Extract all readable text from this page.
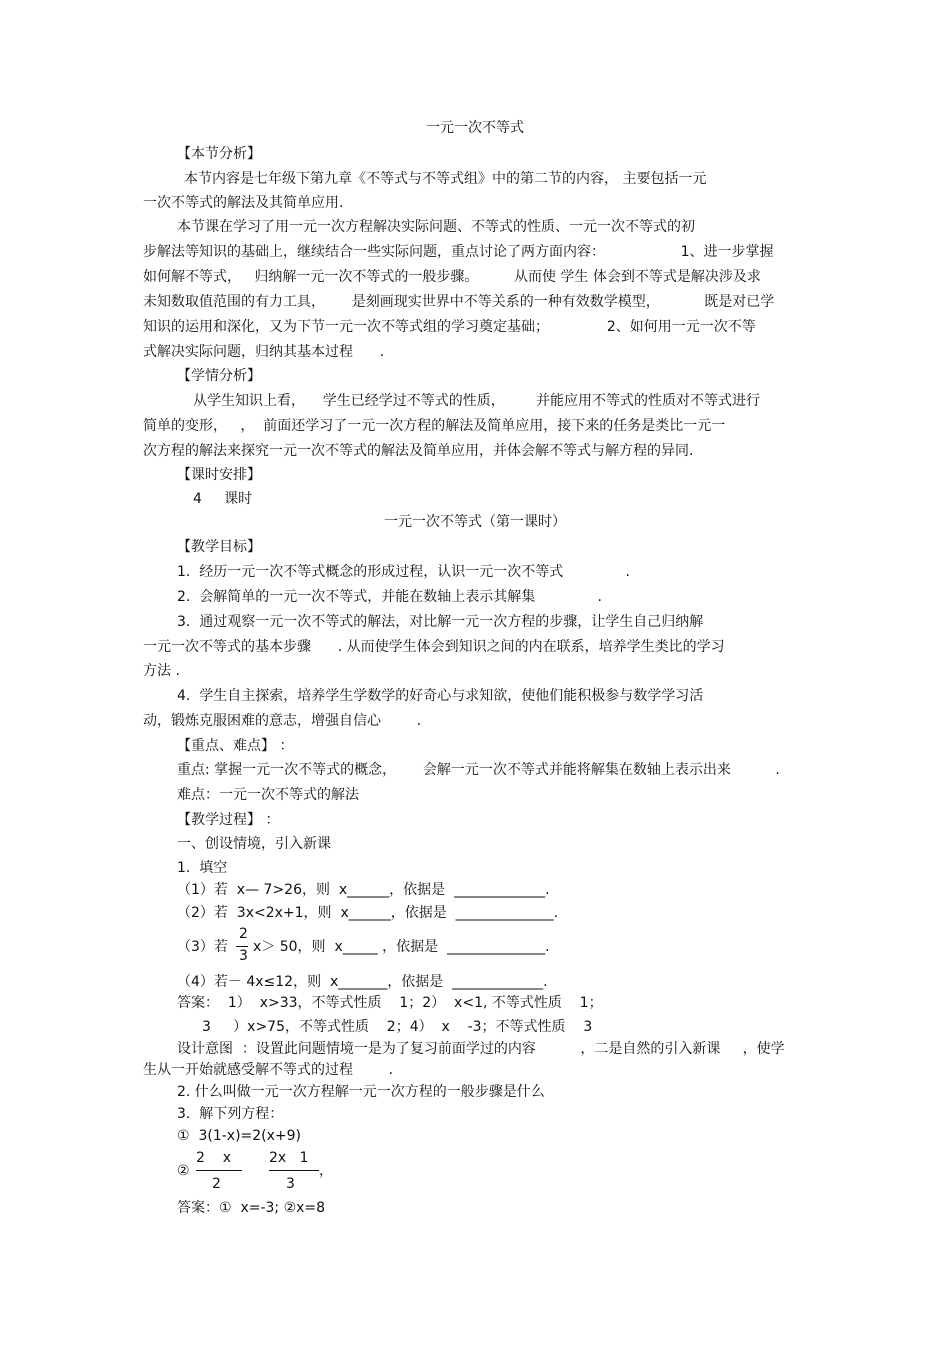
一元一次不等式
【本节分析】
本节内容是七年级下第九章《不等式与不等式组》中的第二节的内容， 主要包括一元
一次不等式的解法及其简单应用.
本节课在学习了用一元一次方程解决实际问题、不等式的性质、一元一次不等式的初
步解法等知识的基础上，继续结合一些实际问题，重点讨论了两方面内容：                 1、进一步掌握
如何解不等式，   归纳解一元一次不等式的一般步骤。        从而使 学生 体会到不等式是解决涉及求
未知数取值范围的有力工具，      是刻画现实世界中不等关系的一种有效数学模型，          既是对已学
知识的运用和深化，又为下节一元一次不等式组的学习奠定基础；             2、如何用一元一次不等
式解决实际问题，归纳其基本过程      .
【学情分析】
从学生知识上看，    学生已经学过不等式的性质，       并能应用不等式的性质对不等式进行
简单的变形，   ，  前面还学习了一元一次方程的解法及简单应用，接下来的任务是类比一元一
次方程的解法来探究一元一次不等式的解法及简单应用，并体会解不等式与解方程的异同.
【课时安排】
4     课时
一元一次不等式（第一课时）
【教学目标】
1.  经历一元一次不等式概念的形成过程，认识一元一次不等式              .
2.  会解简单的一元一次不等式，并能在数轴上表示其解集              .
3.  通过观察一元一次不等式的解法，对比解一元一次方程的步骤，让学生自己归纳解
一元一次不等式的基本步骤      . 从而使学生体会到知识之间的内在联系，培养学生类比的学习
方法 .
4.  学生自主探索，培养学生学数学的好奇心与求知欲，使他们能积极参与数学学习活
动，锻炼克服困难的意志，增强自信心        .
【重点、难点】 ：
重点: 掌握一元一次不等式的概念，      会解一元一次不等式并能将解集在数轴上表示出来          .
难点：一元一次不等式的解法
【教学过程】 ：
一、创设情境，引入新课
1.  填空
（1）若  x— 7>26，则  x______，依据是  _____________.
（2）若  3x<2x+1，则  x______，依据是  ______________.
（3）若
2
3
x＞ 50，则  x_____ ，依据是  ______________.
（4）若－ 4x≤12，则  x_______，依据是  _____________.
答案：  1）  x>33，不等式性质    1；2）  x<1, 不等式性质    1；
3     ）x>75，不等式性质    2；4）  x    -3；不等式性质    3
设计意图  ：设置此问题情境一是为了复习前面学过的内容          ，二是自然的引入新课     ，使学
生从一开始就感受解不等式的过程        .
2. 什么叫做一元一次方程解一元一次方程的一般步骤是什么
3.  解下列方程：
①  3(1-x)=2(x+9)
②
2    x
2
2x   1
3
，
答案：①  x=-3; ②x=8
